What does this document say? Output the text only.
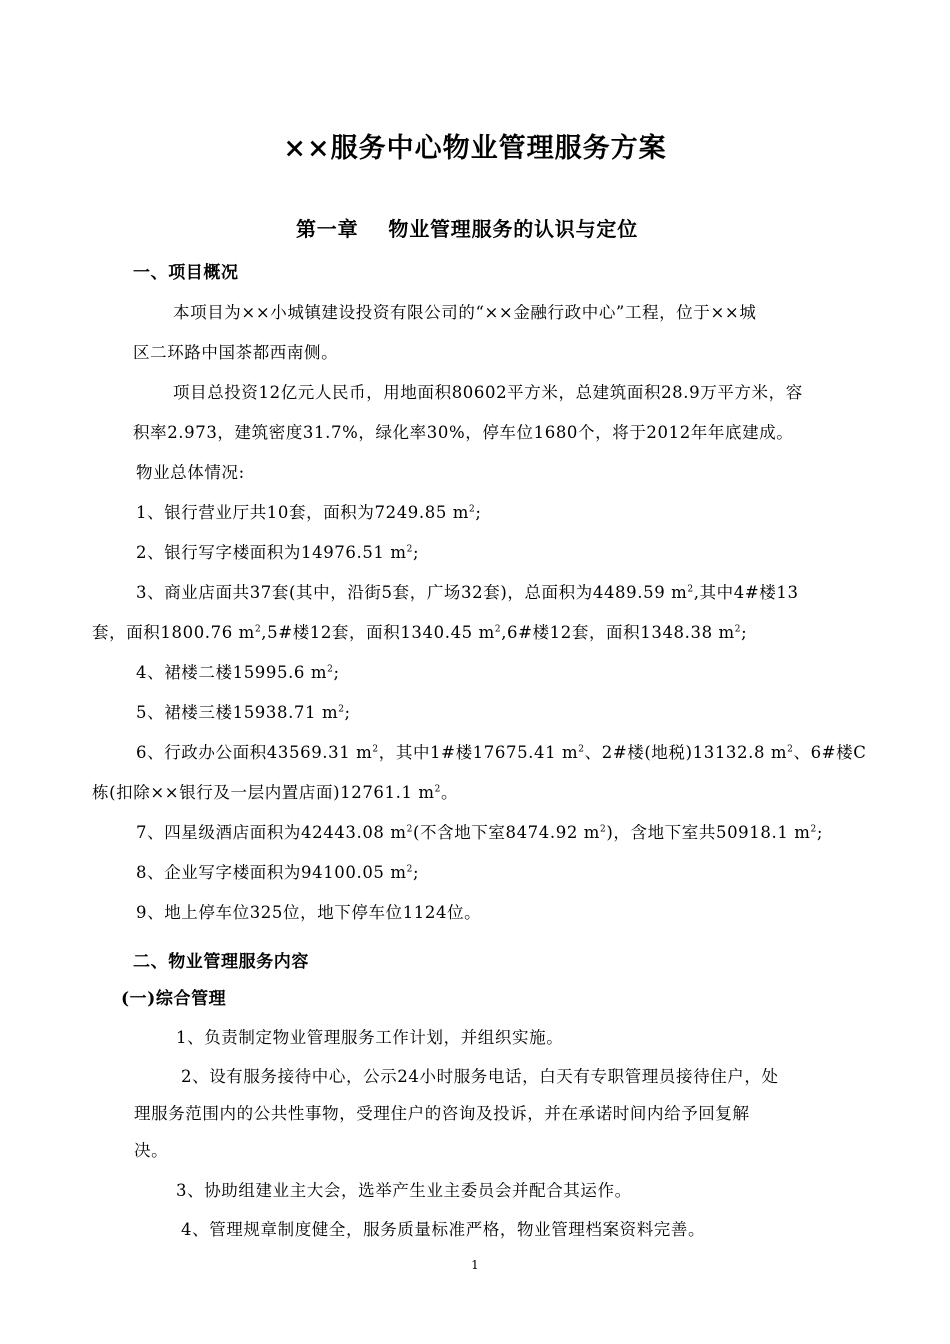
××服务中心物业管理服务方案
第一章 物业管理服务的认识与定位
一、项目概况
本项目为××小城镇建设投资有限公司的“××金融行政中心”工程，位于××城
区二环路中国茶都西南侧。
项目总投资12亿元人民币，用地面积80602平方米，总建筑面积28.9万平方米，容
积率2.973，建筑密度31.7%，绿化率30%，停车位1680个，将于2012年年底建成。
物业总体情况:
1、银行营业厅共10套，面积为7249.85 $m^2$;
2、银行写字楼面积为14976.51 $m^2$;
3、商业店面共37套(其中，沿街5套，广场32套)，总面积为4489.59 $m^2$,其中4#楼13
套，面积1800.76 $m^2,5\#$楼12套，面积1340.45 $m^2,6\#$楼12套，面积1348.38 $m^2$;
4、裙楼二楼15995.6 $m^2$;
5、裙楼三楼15938.71 $m^2$;
6、行政办公面积43569.31 $m^2$，其中1#楼17675.41 $m^2$、2#楼(地税)13132.8 $m^2$、6#楼C
栋(扣除××银行及一层内置店面)12761.1 $m^2$。
7、四星级酒店面积为42443.08 $m^2$(不含地下室8474.92 $m^2$)，含地下室共50918.1 $m^2$;
8、企业写字楼面积为94100.05 $m^2$;
9、地上停车位325位，地下停车位1124位。
二、物业管理服务内容
(一)综合管理
1、负责制定物业管理服务工作计划，并组织实施。
2、设有服务接待中心，公示24小时服务电话，白天有专职管理员接待住户，处
理服务范围内的公共性事物，受理住户的咨询及投诉，并在承诺时间内给予回复解
决。
3、协助组建业主大会，选举产生业主委员会并配合其运作。
4、管理规章制度健全，服务质量标准严格，物业管理档案资料完善。
1
